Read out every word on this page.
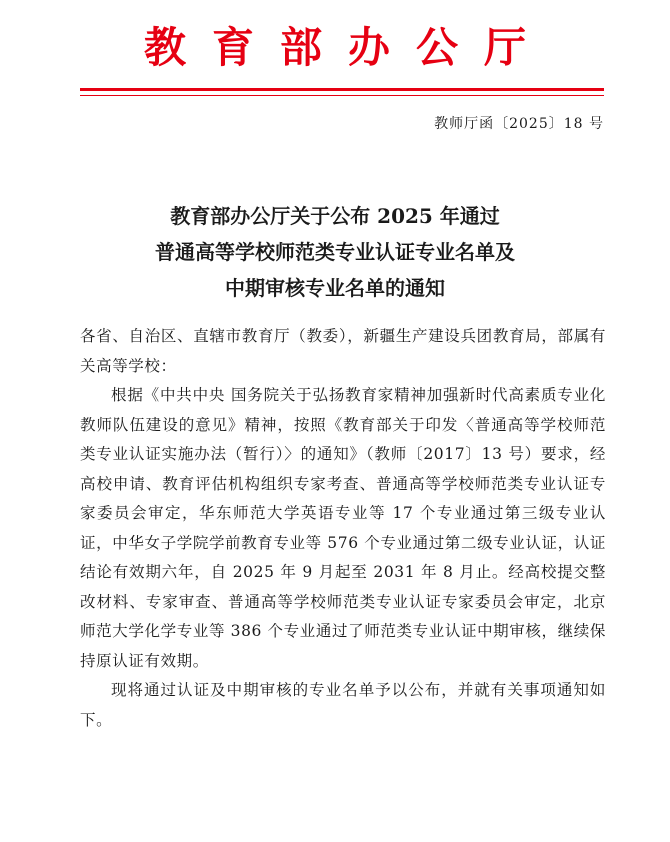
教育部办公厅
教师厅函〔2025〕18 号
教育部办公厅关于公布 2025 年通过
普通高等学校师范类专业认证专业名单及
中期审核专业名单的通知

各省、自治区、直辖市教育厅（教委），新疆生产建设兵团教育局，部属有关高等学校：

根据《中共中央 国务院关于弘扬教育家精神加强新时代高素质专业化教师队伍建设的意见》精神，按照《教育部关于印发〈普通高等学校师范类专业认证实施办法（暂行）〉的通知》（教师〔2017〕13 号）要求，经高校申请、教育评估机构组织专家考查、普通高等学校师范类专业认证专家委员会审定，华东师范大学英语专业等 17 个专业通过第三级专业认证，中华女子学院学前教育专业等 576 个专业通过第二级专业认证，认证结论有效期六年，自 2025 年 9 月起至 2031 年 8 月止。经高校提交整改材料、专家审查、普通高等学校师范类专业认证专家委员会审定，北京师范大学化学专业等 386 个专业通过了师范类专业认证中期审核，继续保持原认证有效期。

现将通过认证及中期审核的专业名单予以公布，并就有关事项通知如下。
